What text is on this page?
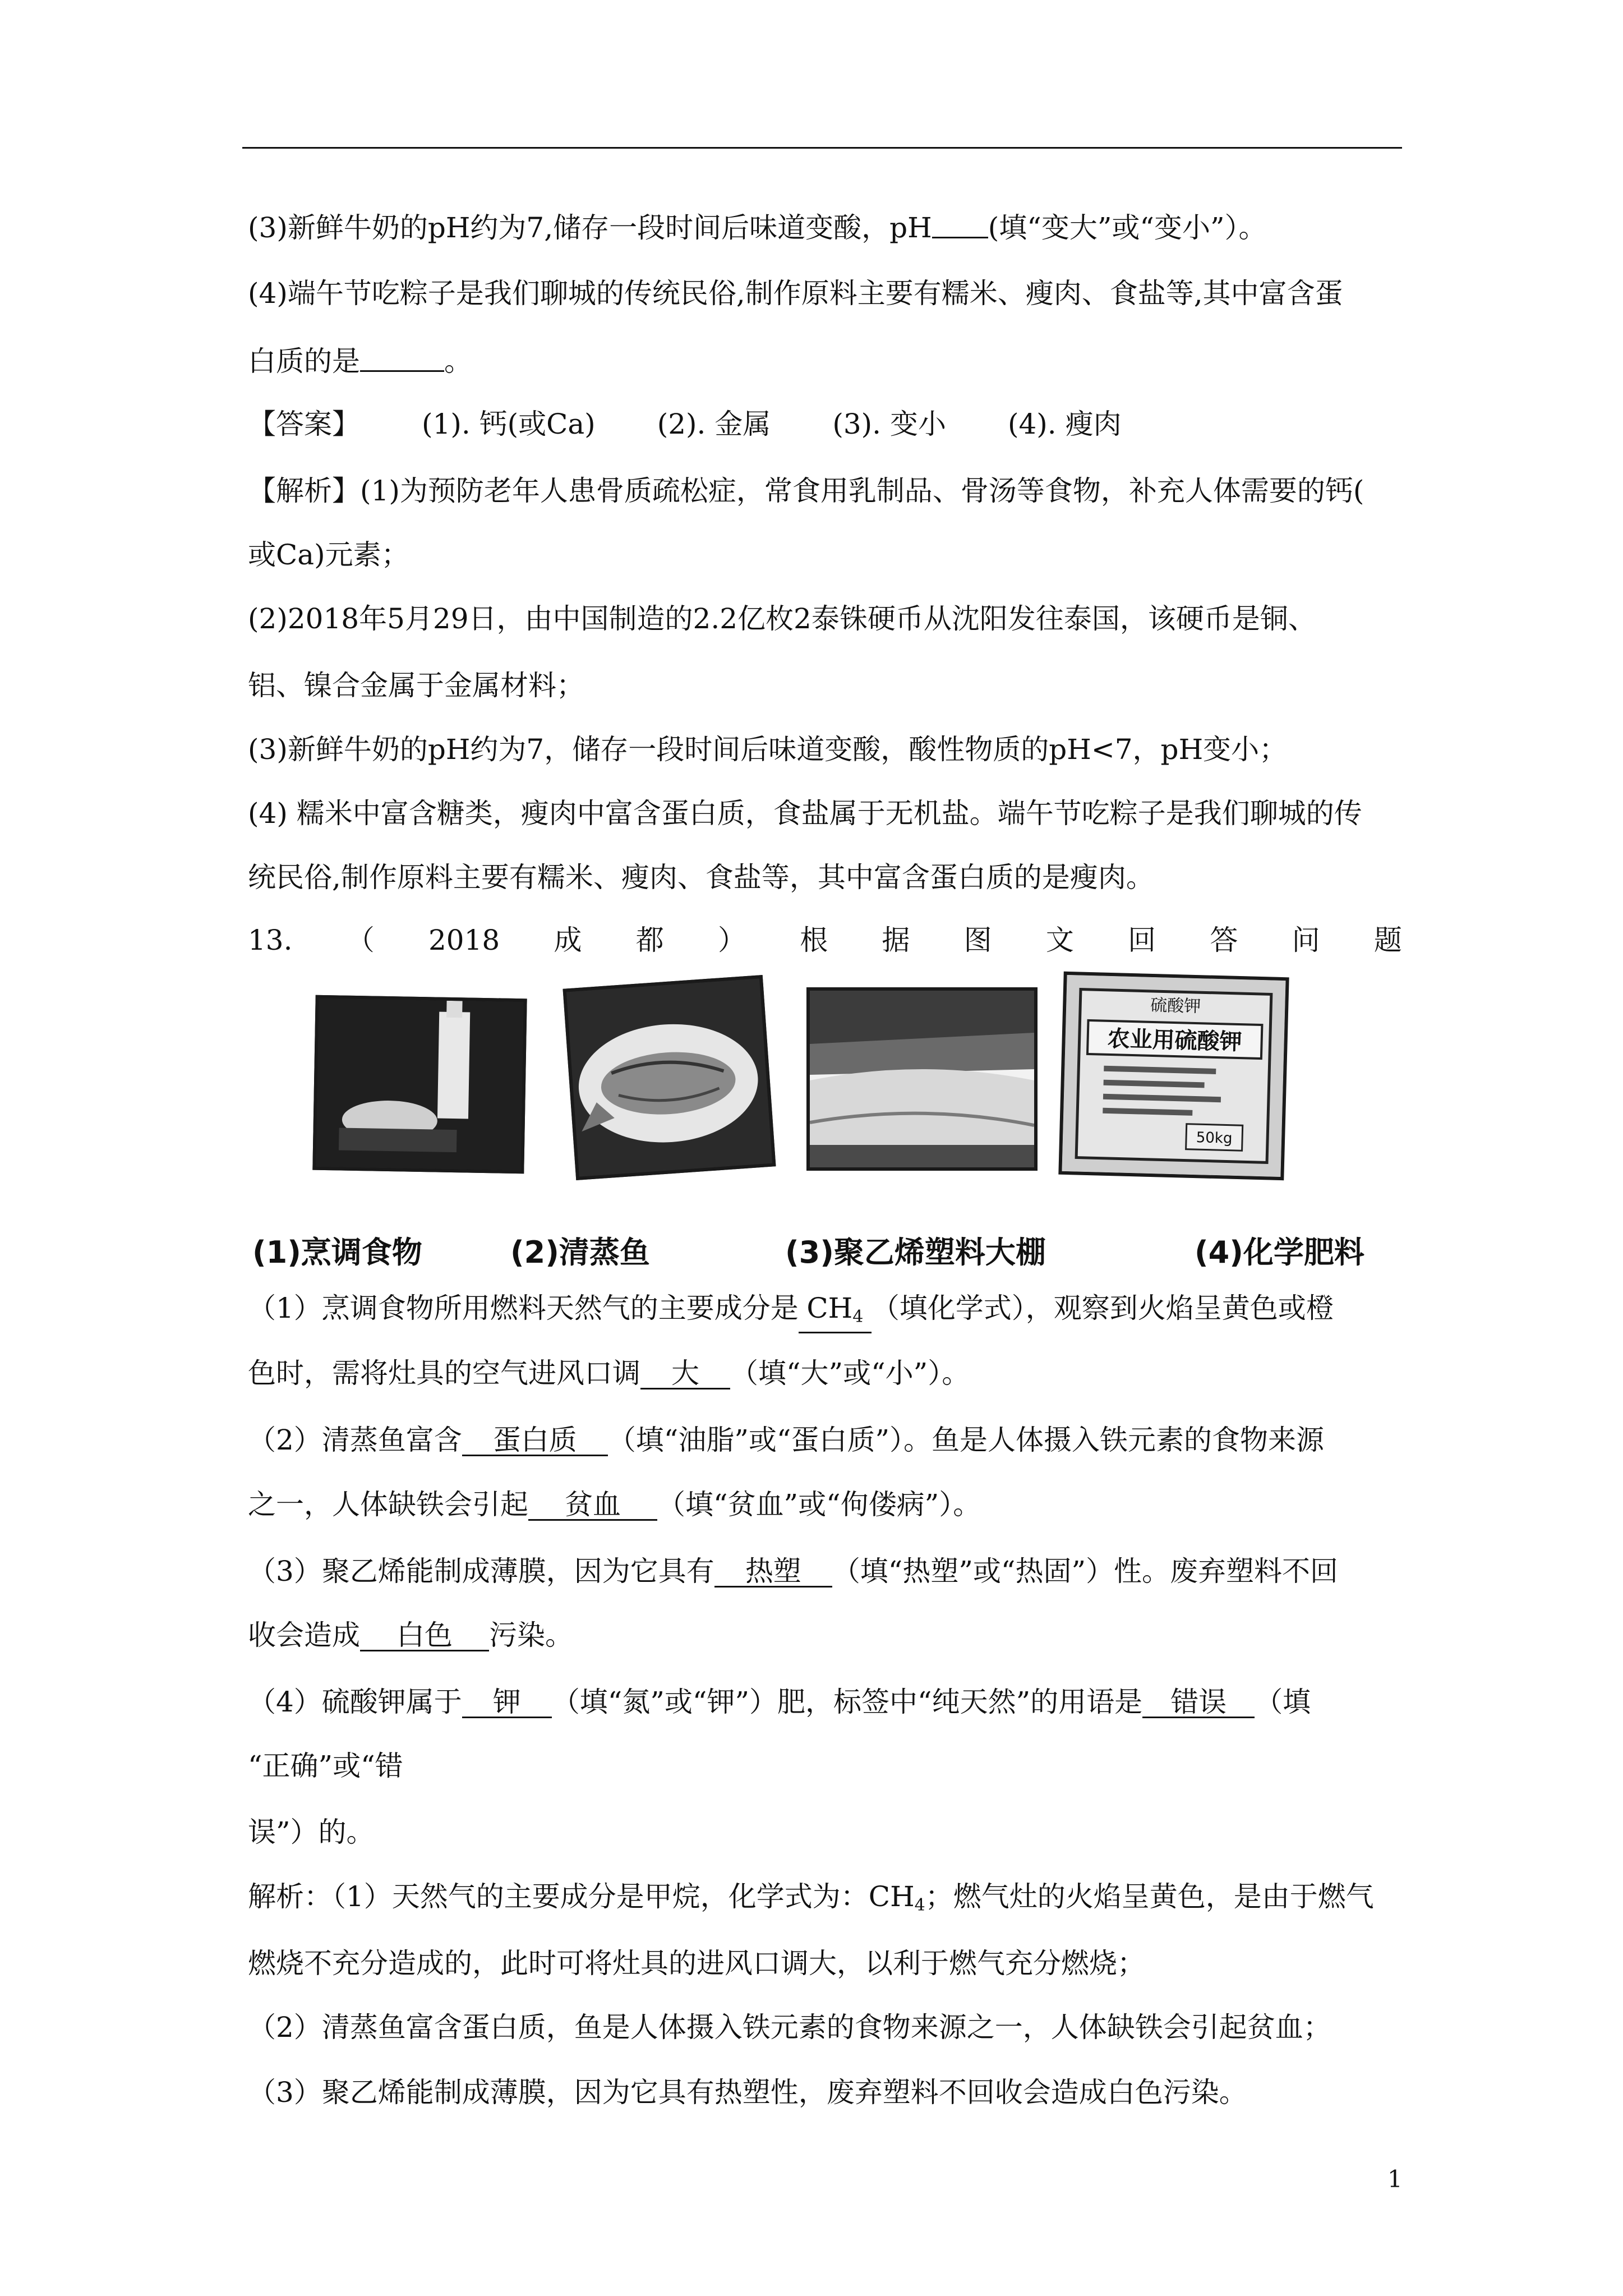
(3)新鲜牛奶的pH约为7,储存一段时间后味道变酸，pH (填“变大”或“变小”）。
(4)端午节吃粽子是我们聊城的传统民俗,制作原料主要有糯米、瘦肉、食盐等,其中富含蛋
白质的是	。
【答案】 (1). 钙(或Ca) (2). 金属 (3). 变小 (4). 瘦肉
【解析】(1)为预防老年人患骨质疏松症，常食用乳制品、骨汤等食物，补充人体需要的钙(
或Ca)元素；
(2)2018年5月29日，由中国制造的2.2亿枚2泰铢硬币从沈阳发往泰国，该硬币是铜、
铝、镍合金属于金属材料；
(3)新鲜牛奶的pH约为7，储存一段时间后味道变酸，酸性物质的pH<7，pH变小；
(4) 糯米中富含糖类，瘦肉中富含蛋白质，食盐属于无机盐。端午节吃粽子是我们聊城的传
统民俗,制作原料主要有糯米、瘦肉、食盐等，其中富含蛋白质的是瘦肉。
13. （ 2018 成 都 ） 根 据 图 文 回 答 问 题
硫酸钾
农业用硫酸钾
50kg
(1)烹调食物	(2)清蒸鱼	(3)聚乙烯塑料大棚	(4)化学肥料
（1）烹调食物所用燃料天然气的主要成分是 $CH_4$ （填化学式），观察到火焰呈黄色或橙
色时，需将灶具的空气进风口调 大 （填“大”或“小”）。
（2）清蒸鱼富含 蛋白质 （填“油脂”或“蛋白质”）。鱼是人体摄入铁元素的食物来源
之一，人体缺铁会引起 贫血 （填“贫血”或“佝偻病”）。
（3）聚乙烯能制成薄膜，因为它具有 热塑 （填“热塑”或“热固”）性。废弃塑料不回
收会造成 白色 污染。
（4）硫酸钾属于 钾 （填“氮”或“钾”）肥，标签中“纯天然”的用语是 错误 （填
“正确”或“错
误”）的。
解析：（1）天然气的主要成分是甲烷，化学式为：$CH_4$；燃气灶的火焰呈黄色，是由于燃气
燃烧不充分造成的，此时可将灶具的进风口调大，以利于燃气充分燃烧；
（2）清蒸鱼富含蛋白质，鱼是人体摄入铁元素的食物来源之一，人体缺铁会引起贫血；
（3）聚乙烯能制成薄膜，因为它具有热塑性，废弃塑料不回收会造成白色污染。
1
